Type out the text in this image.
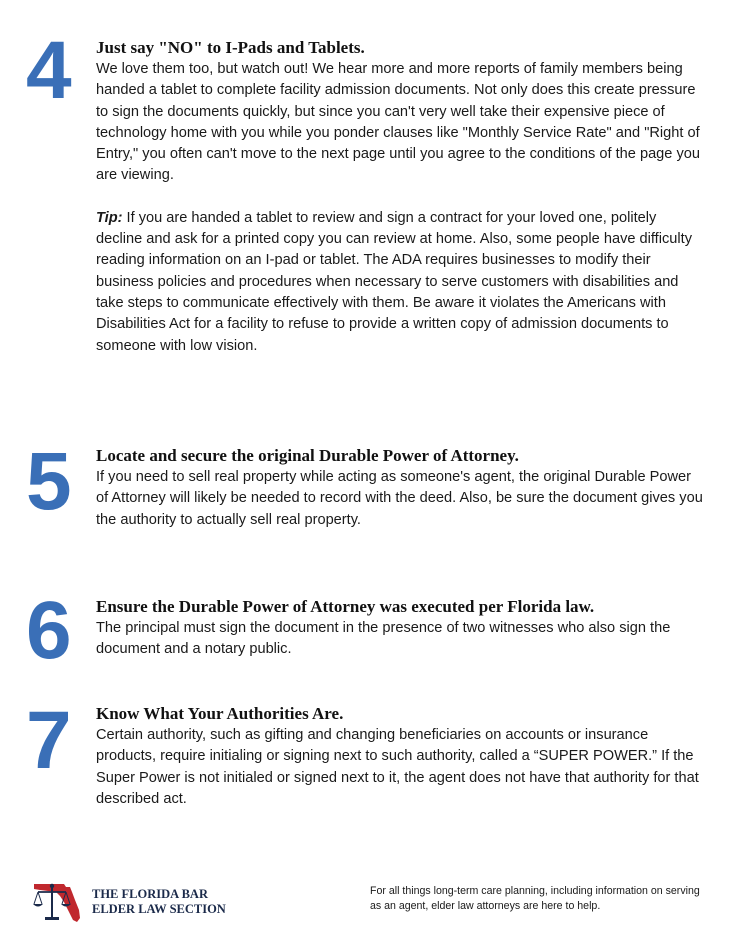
4 Just say "NO" to I-Pads and Tablets.

We love them too, but watch out! We hear more and more reports of family members being handed a tablet to complete facility admission documents. Not only does this create pressure to sign the documents quickly, but since you can't very well take their expensive piece of technology home with you while you ponder clauses like "Monthly Service Rate" and "Right of Entry," you often can't move to the next page until you agree to the conditions of the page you are viewing.

Tip: If you are handed a tablet to review and sign a contract for your loved one, politely decline and ask for a printed copy you can review at home. Also, some people have difficulty reading information on an I-pad or tablet. The ADA requires businesses to modify their business policies and procedures when necessary to serve customers with disabilities and take steps to communicate effectively with them. Be aware it violates the Americans with Disabilities Act for a facility to refuse to provide a written copy of admission documents to someone with low vision.

5 Locate and secure the original Durable Power of Attorney.

If you need to sell real property while acting as someone's agent, the original Durable Power of Attorney will likely be needed to record with the deed. Also, be sure the document gives you the authority to actually sell real property.

6 Ensure the Durable Power of Attorney was executed per Florida law.

The principal must sign the document in the presence of two witnesses who also sign the document and a notary public.

7 Know What Your Authorities Are.

Certain authority, such as gifting and changing beneficiaries on accounts or insurance products, require initialing or signing next to such authority, called a “SUPER POWER.” If the Super Power is not initialed or signed next to it, the agent does not have that authority for that described act.

THE FLORIDA BAR
ELDER LAW SECTION
For all things long-term care planning, including information on serving as an agent, elder law attorneys are here to help.
